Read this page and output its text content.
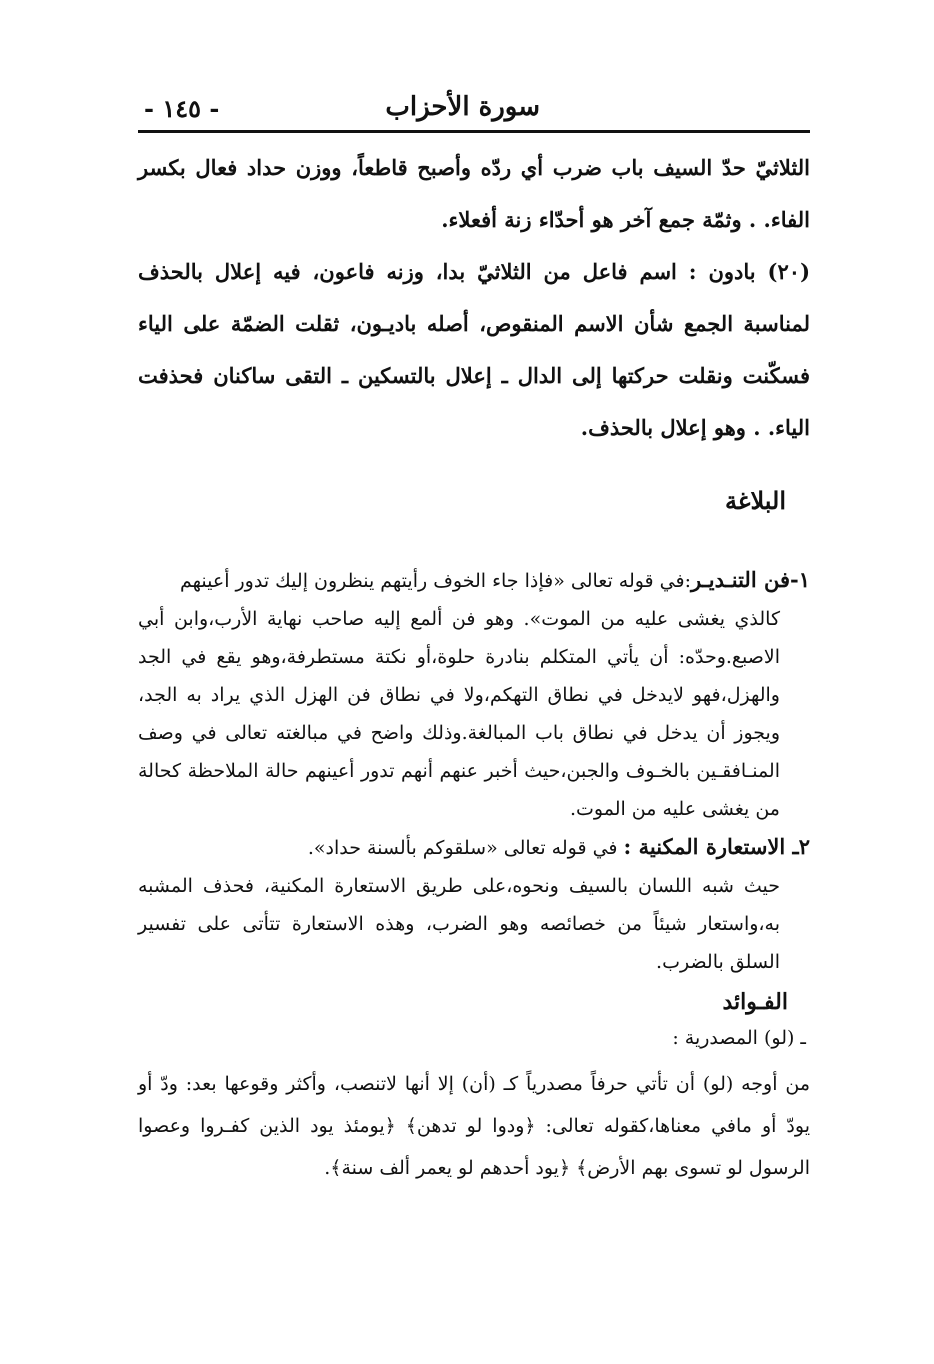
سورة الأحزاب
- ١٤٥ -

الثلاثيّ حدّ السيف باب ضرب أي ردّه وأصبح قاطعاً، ووزن حداد فعال بكسر الفاء. . وثمّة جمع آخر هو أحدّاء زنة أفعلاء.

(٢٠) بادون : اسم فاعل من الثلاثيّ بدا، وزنه فاعون، فيه إعلال بالحذف لمناسبة الجمع شأن الاسم المنقوص، أصله باديـون، ثقلت الضمّة على الياء فسكّنت ونقلت حركتها إلى الدال ـ إعلال بالتسكين ـ التقى ساكنان فحذفت الياء. . وهو إعلال بالحذف.

البلاغة

١-فن التنـديـر:في قوله تعالى «فإذا جاء الخوف رأيتهم ينظرون إليك تدور أعينهم

كالذي يغشى عليه من الموت». وهو فن ألمع إليه صاحب نهاية الأرب،وابن أبي الاصبع.وحدّه: أن يأتي المتكلم بنادرة حلوة،أو نكتة مستطرفة،وهو يقع في الجد والهزل،فهو لايدخل في نطاق التهكم،ولا في نطاق فن الهزل الذي يراد به الجد، ويجوز أن يدخل في نطاق باب المبالغة.وذلك واضح في مبالغته تعالى في وصف المنـافقـين بالخـوف والجبن،حيث أخبر عنهم أنهم تدور أعينهم حالة الملاحظة كحالة من يغشى عليه من الموت.

٢ـ الاستعارة المكنية : في قوله تعالى «سلقوكم بألسنة حداد».

حيث شبه اللسان بالسيف ونحوه،على طريق الاستعارة المكنية، فحذف المشبه به،واستعار شيئاً من خصائصه وهو الضرب، وهذه الاستعارة تتأتى على تفسير السلق بالضرب.

الفـوائد
ـ (لو) المصدرية :

من أوجه (لو) أن تأتي حرفاً مصدرياً كـ (أن) إلا أنها لاتنصب، وأكثر وقوعها بعد: ودّ أو يودّ أو مافي معناها،كقوله تعالى: ﴿ودوا لو تدهن﴾ ﴿يومئذ يود الذين كفـروا وعصوا الرسول لو تسوى بهم الأرض﴾ ﴿يود أحدهم لو يعمر ألف سنة﴾.
